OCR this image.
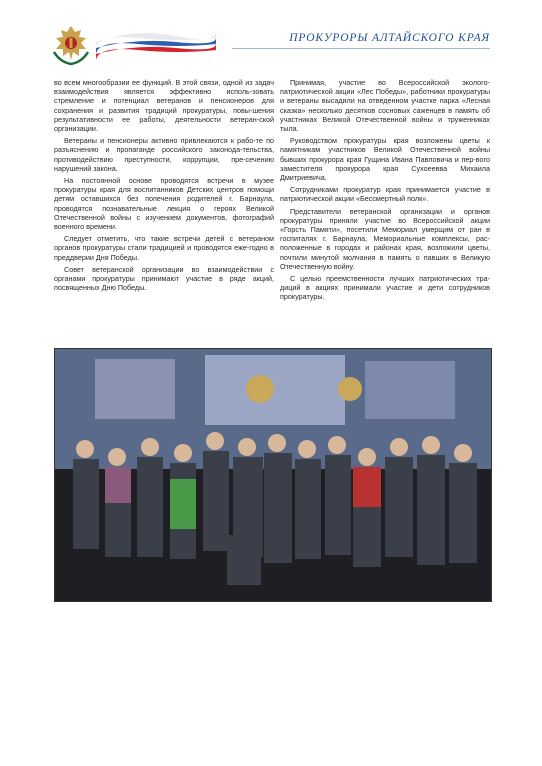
ПРОКУРОРЫ АЛТАЙСКОГО КРАЯ

во всем многообразии ее функций. В этой связи, одной из задач взаимодействия является эффективно исполь-зовать стремление и потенциал ветеранов и пенсионеров для сохранения и развития традиций прокуратуры, повы-шения результативности ее работы, деятельности ветеран-ской организации.

Ветераны и пенсионеры активно привлекаются к рабо-те по разъяснению и пропаганде российского законода-тельства, противодействию преступности, коррупции, пре-сечению нарушений закона.

На постоянной основе проводятся встречи в музее прокуратуры края для воспитанников Детских центров помощи детям оставшихся без попечения родителей г. Барнаула, проводятся познавательные лекция о героях Великой Отечественной войны с изучением документов, фотографий военного времени.

Следует отметить, что такие встречи детей с ветераном органов прокуратуры стали традицией и проводятся еже-годно в преддверии Дня Победы.

Совет ветеранской организации во взаимодействии с органами прокуратуры принимают участие в ряде акций, посвященных Дню Победы.

Принимая, участие во Всероссийской эколого-патриотической акции «Лес Победы», работники прокуратуры и ветераны высадили на отведенном участке парка «Лесная сказка» несколько десятков сосновых саженцев в память об участниках Великой Отечественной войны и труженниках тыла.

Руководством прокуратуры края возложены цветы к памятникам участников Великой Отечественной войны бывших прокурора края Гущина Ивана Павловича и пер-вого заместителя прокурора края Сухоеевва Михаила Дмитриевича.

Сотрудниками прокуратур края принимается участие в патриотической акции «Бессмертный полк».

Представители ветеранской организации и органов прокуратуры приняли участие во Всероссийской акции «Горсть Памяти», посетили Мемориал умерщим от ран в госпиталях г. Барнаула, Мемориальные комплексы, рас-положенные в городах и районах края, возложили цветы, почтили минутой молчания в память о павших в Великую Отечественную войну.

С целью преемственности лучших патриотических тра-диций в акциях принимали участие и дети сотрудников прокуратуры.
